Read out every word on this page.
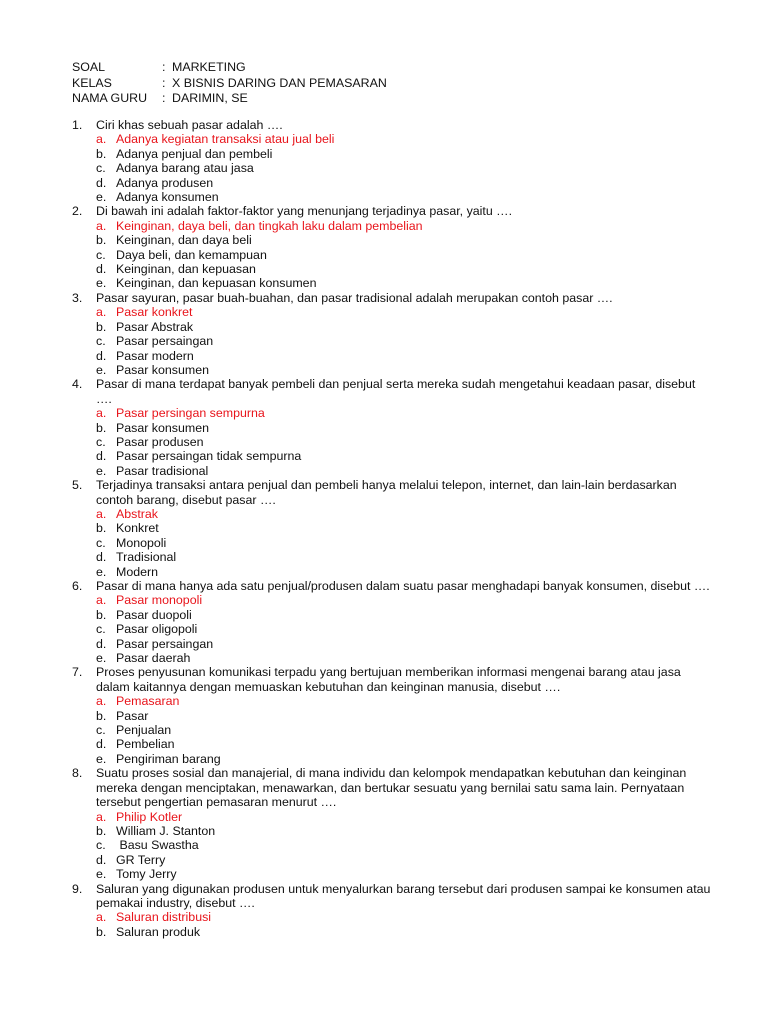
SOAL	: MARKETING
KELAS	: X BISNIS DARING DAN PEMASARAN
NAMA GURU : DARIMIN, SE
1. Ciri khas sebuah pasar adalah ….
a. Adanya kegiatan transaksi atau jual beli
b. Adanya penjual dan pembeli
c. Adanya barang atau jasa
d. Adanya produsen
e. Adanya konsumen
2. Di bawah ini adalah faktor-faktor yang menunjang terjadinya pasar, yaitu ….
a. Keinginan, daya beli, dan tingkah laku dalam pembelian
b. Keinginan, dan daya beli
c. Daya beli, dan kemampuan
d. Keinginan, dan kepuasan
e. Keinginan, dan kepuasan konsumen
3. Pasar sayuran, pasar buah-buahan, dan pasar tradisional adalah merupakan contoh pasar ….
a. Pasar konkret
b. Pasar Abstrak
c. Pasar persaingan
d. Pasar modern
e. Pasar konsumen
4. Pasar di mana terdapat banyak pembeli dan penjual serta mereka sudah mengetahui keadaan pasar, disebut ….
a. Pasar persingan sempurna
b. Pasar konsumen
c. Pasar produsen
d. Pasar persaingan tidak sempurna
e. Pasar tradisional
5. Terjadinya transaksi antara penjual dan pembeli hanya melalui telepon, internet, dan lain-lain berdasarkan contoh barang, disebut pasar ….
a. Abstrak
b. Konkret
c. Monopoli
d. Tradisional
e. Modern
6. Pasar di mana hanya ada satu penjual/produsen dalam suatu pasar menghadapi banyak konsumen, disebut ….
a. Pasar monopoli
b. Pasar duopoli
c. Pasar oligopoli
d. Pasar persaingan
e. Pasar daerah
7. Proses penyusunan komunikasi terpadu yang bertujuan memberikan informasi mengenai barang atau jasa dalam kaitannya dengan memuaskan kebutuhan dan keinginan manusia, disebut ….
a. Pemasaran
b. Pasar
c. Penjualan
d. Pembelian
e. Pengiriman barang
8. Suatu proses sosial dan manajerial, di mana individu dan kelompok mendapatkan kebutuhan dan keinginan mereka dengan menciptakan, menawarkan, dan bertukar sesuatu yang bernilai satu sama lain. Pernyataan tersebut pengertian pemasaran menurut ….
a. Philip Kotler
b. William J. Stanton
c. Basu Swastha
d. GR Terry
e. Tomy Jerry
9. Saluran yang digunakan produsen untuk menyalurkan barang tersebut dari produsen sampai ke konsumen atau pemakai industry, disebut ….
a. Saluran distribusi
b. Saluran produk
